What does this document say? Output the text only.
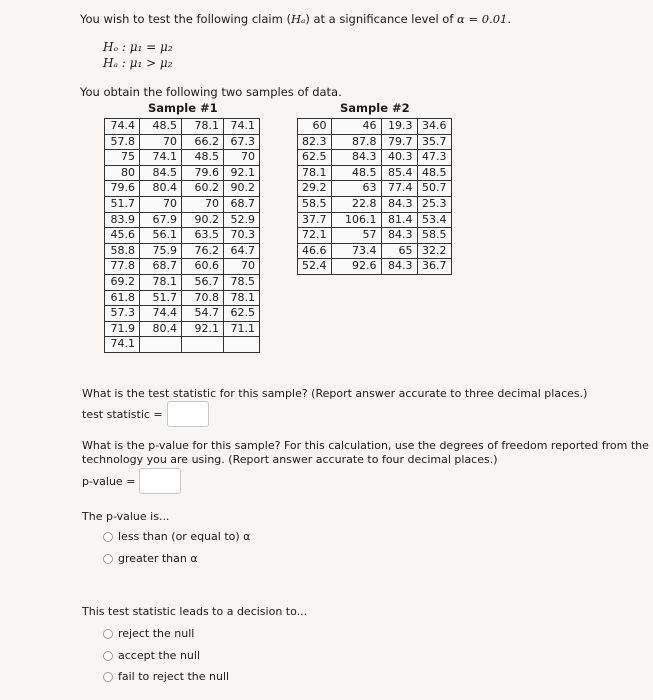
You wish to test the following claim (Hₐ) at a significance level of α = 0.01.
Hₒ : μ₁ = μ₂
Hₐ : μ₁ > μ₂
You obtain the following two samples of data.
Sample #1
74.4	48.5	78.1	74.1
57.8	70	66.2	67.3
75	74.1	48.5	70
80	84.5	79.6	92.1
79.6	80.4	60.2	90.2
51.7	70	70	68.7
83.9	67.9	90.2	52.9
45.6	56.1	63.5	70.3
58.8	75.9	76.2	64.7
77.8	68.7	60.6	70
69.2	78.1	56.7	78.5
61.8	51.7	70.8	78.1
57.3	74.4	54.7	62.5
71.9	80.4	92.1	71.1
74.1			
Sample #2
60	46	19.3	34.6
82.3	87.8	79.7	35.7
62.5	84.3	40.3	47.3
78.1	48.5	85.4	48.5
29.2	63	77.4	50.7
58.5	22.8	84.3	25.3
37.7	106.1	81.4	53.4
72.1	57	84.3	58.5
46.6	73.4	65	32.2
52.4	92.6	84.3	36.7
What is the test statistic for this sample? (Report answer accurate to three decimal places.)
test statistic =
What is the p-value for this sample? For this calculation, use the degrees of freedom reported from the
technology you are using. (Report answer accurate to four decimal places.)
p-value =
The p-value is...
less than (or equal to) α
greater than α
This test statistic leads to a decision to...
reject the null
accept the null
fail to reject the null
